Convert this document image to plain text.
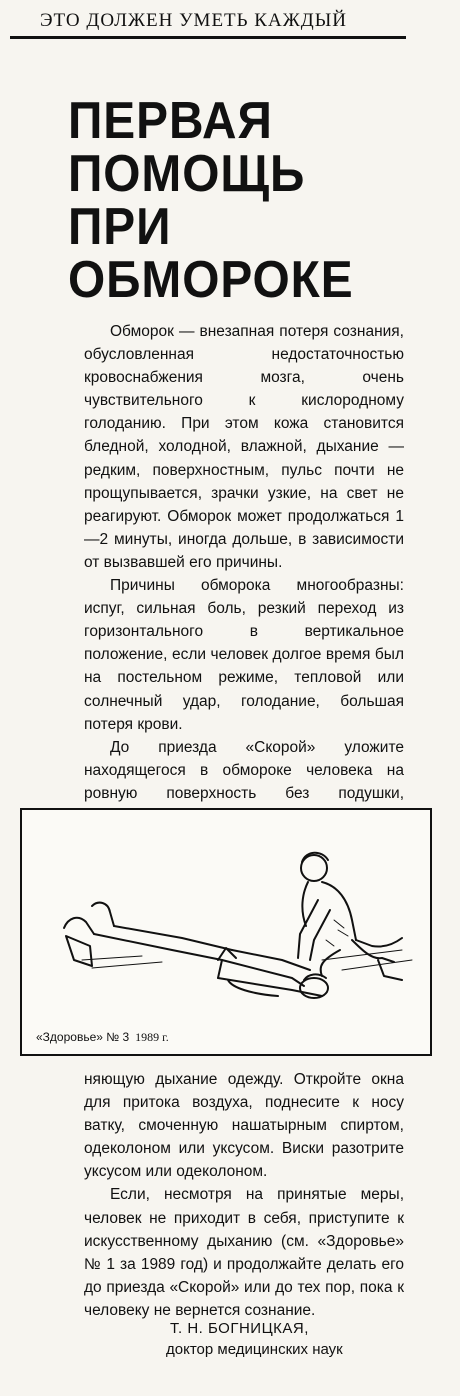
ЭТО ДОЛЖЕН УМЕТЬ КАЖДЫЙ
ПЕРВАЯ
ПОМОЩЬ
ПРИ
ОБМОРОКЕ

Обморок — внезапная потеря сознания, обусловленная недостаточностью кровоснабжения мозга, очень чувствительного к кислородному голоданию. При этом кожа становится бледной, холодной, влажной, дыхание — редким, поверхностным, пульс почти не прощупывается, зрачки узкие, на свет не реагируют. Обморок может продолжаться 1—2 минуты, иногда дольше, в зависимости от вызвавшей его причины.

Причины обморока многообразны: испуг, сильная боль, резкий переход из горизонтального в вертикальное положение, если человек долгое время был на постельном режиме, тепловой или солнечный удар, голодание, большая потеря крови.

До приезда «Скорой» уложите находящегося в обмороке человека на ровную поверхность без подушки,

«Здоровье» № 3 1989 г.

няющую дыхание одежду. Откройте окна для притока воздуха, поднесите к носу ватку, смоченную нашатырным спиртом, одеколоном или уксусом. Виски разотрите уксусом или одеколоном.

Если, несмотря на принятые меры, человек не приходит в себя, приступите к искусственному дыханию (см. «Здоровье» № 1 за 1989 год) и продолжайте делать его до приезда «Скорой» или до тех пор, пока к человеку не вернется сознание.

Т. Н. БОГНИЦКАЯ,
доктор медицинских наук
